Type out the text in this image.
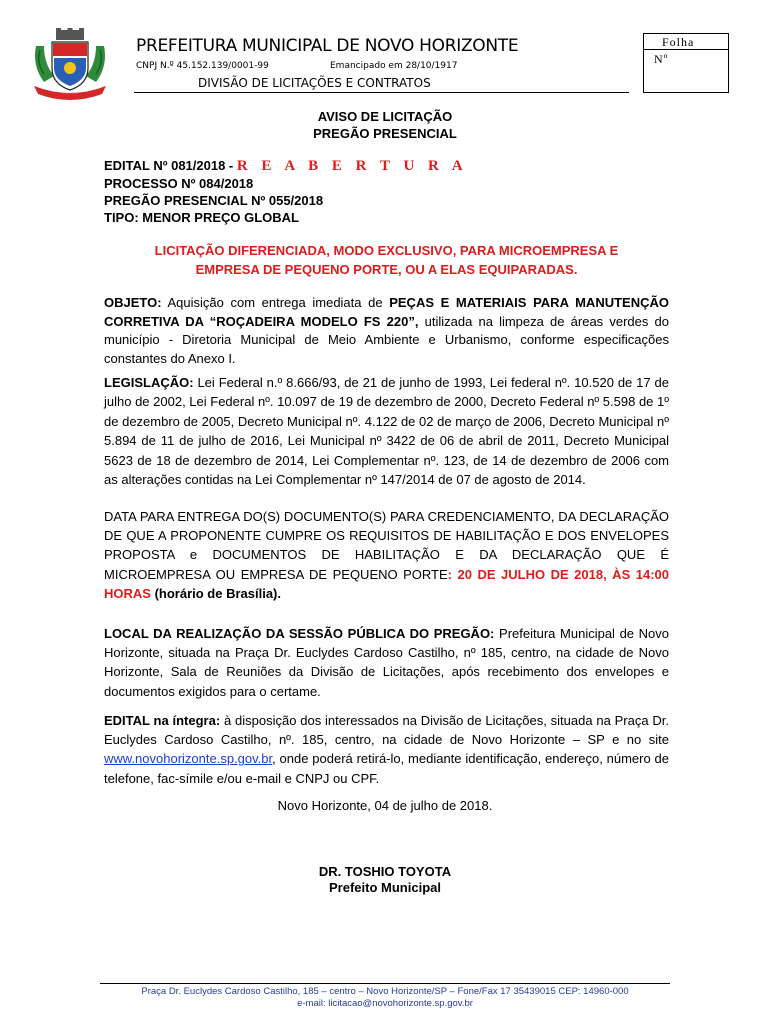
· · · · ·
PREFEITURA MUNICIPAL DE NOVO HORIZONTE
CNPJ N.º 45.152.139/0001-99	Emancipado em 28/10/1917
DIVISÃO DE LICITAÇÕES E CONTRATOS
Folha
Nº
AVISO DE LICITAÇÃO
PREGÃO PRESENCIAL
EDITAL Nº 081/2018 - R E A B E R T U R A
PROCESSO Nº 084/2018
PREGÃO PRESENCIAL Nº 055/2018
TIPO: MENOR PREÇO GLOBAL
LICITAÇÃO DIFERENCIADA, MODO EXCLUSIVO, PARA MICROEMPRESA E
EMPRESA DE PEQUENO PORTE, OU A ELAS EQUIPARADAS.
OBJETO: Aquisição com entrega imediata de PEÇAS E MATERIAIS PARA MANUTENÇÃO CORRETIVA DA “ROÇADEIRA MODELO FS 220”, utilizada na limpeza de áreas verdes do município - Diretoria Municipal de Meio Ambiente e Urbanismo, conforme especificações constantes do Anexo I.
LEGISLAÇÃO: Lei Federal n.º 8.666/93, de 21 de junho de 1993, Lei federal nº. 10.520 de 17 de julho de 2002, Lei Federal nº. 10.097 de 19 de dezembro de 2000, Decreto Federal nº 5.598 de 1º de dezembro de 2005, Decreto Municipal nº. 4.122 de 02 de março de 2006, Decreto Municipal nº 5.894 de 11 de julho de 2016, Lei Municipal nº 3422 de 06 de abril de 2011, Decreto Municipal 5623 de 18 de dezembro de 2014, Lei Complementar nº. 123, de 14 de dezembro de 2006 com as alterações contidas na Lei Complementar nº 147/2014 de 07 de agosto de 2014.
DATA PARA ENTREGA DO(S) DOCUMENTO(S) PARA CREDENCIAMENTO, DA DECLARAÇÃO DE QUE A PROPONENTE CUMPRE OS REQUISITOS DE HABILITAÇÃO E DOS ENVELOPES PROPOSTA e DOCUMENTOS DE HABILITAÇÃO E DA DECLARAÇÃO QUE É MICROEMPRESA OU EMPRESA DE PEQUENO PORTE: 20 DE JULHO DE 2018, ÀS 14:00 HORAS (horário de Brasília).
LOCAL DA REALIZAÇÃO DA SESSÃO PÚBLICA DO PREGÃO: Prefeitura Municipal de Novo Horizonte, situada na Praça Dr. Euclydes Cardoso Castilho, nº 185, centro, na cidade de Novo Horizonte, Sala de Reuniões da Divisão de Licitações, após recebimento dos envelopes e documentos exigidos para o certame.
EDITAL na íntegra: à disposição dos interessados na Divisão de Licitações, situada na Praça Dr. Euclydes Cardoso Castilho, nº. 185, centro, na cidade de Novo Horizonte – SP e no site www.novohorizonte.sp.gov.br, onde poderá retirá-lo, mediante identificação, endereço, número de telefone, fac-símile e/ou e-mail e CNPJ ou CPF.
Novo Horizonte, 04 de julho de 2018.
DR. TOSHIO TOYOTA
Prefeito Municipal
Praça Dr. Euclydes Cardoso Castilho, 185 – centro – Novo Horizonte/SP – Fone/Fax 17 35439015 CEP: 14960-000
e-mail: licitacao@novohorizonte.sp.gov.br
